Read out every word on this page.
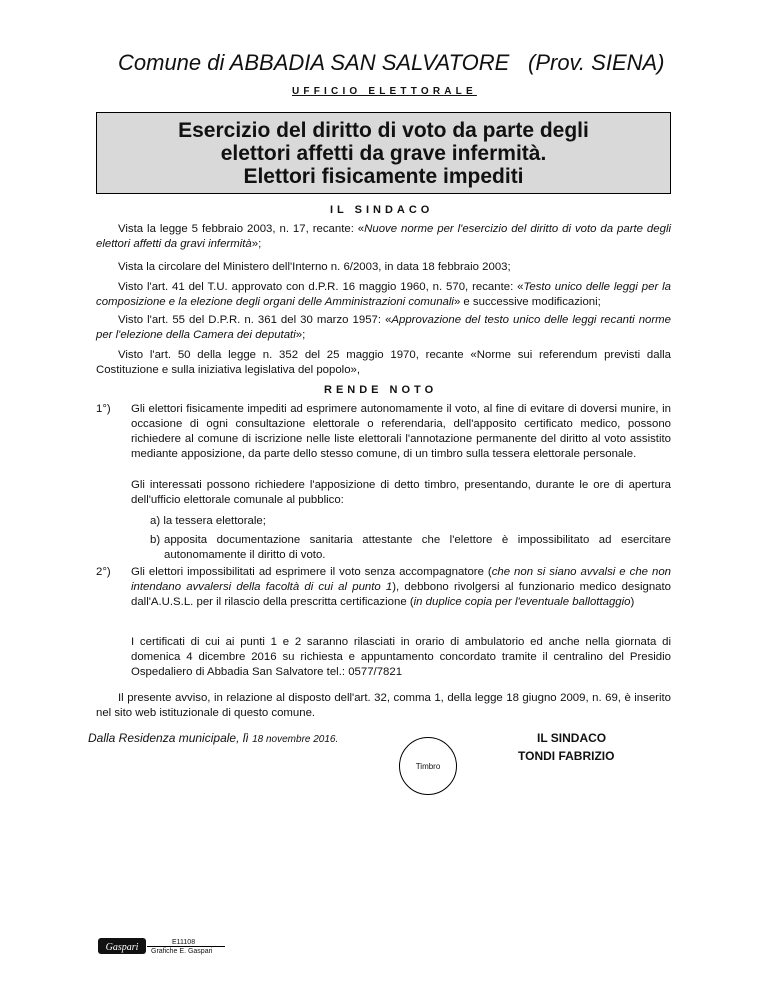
Comune di ABBADIA SAN SALVATORE (Prov. SIENA)
UFFICIO ELETTORALE
Esercizio del diritto di voto da parte degli
elettori affetti da grave infermità.
Elettori fisicamente impediti
IL SINDACO
Vista la legge 5 febbraio 2003, n. 17, recante: «Nuove norme per l'esercizio del diritto di voto da parte degli elettori affetti da gravi infermità»;
Vista la circolare del Ministero dell'Interno n. 6/2003, in data 18 febbraio 2003;
Visto l'art. 41 del T.U. approvato con d.P.R. 16 maggio 1960, n. 570, recante: «Testo unico delle leggi per la composizione e la elezione degli organi delle Amministrazioni comunali» e successive modificazioni;
Visto l'art. 55 del D.P.R. n. 361 del 30 marzo 1957: «Approvazione del testo unico delle leggi recanti norme per l'elezione della Camera dei deputati»;
Visto l'art. 50 della legge n. 352 del 25 maggio 1970, recante «Norme sui referendum previsti dalla Costituzione e sulla iniziativa legislativa del popolo»,
RENDE NOTO
1°)	Gli elettori fisicamente impediti ad esprimere autonomamente il voto, al fine di evitare di doversi munire, in occasione di ogni consultazione elettorale o referendaria, dell'apposito certificato medico, possono richiedere al comune di iscrizione nelle liste elettorali l'annotazione permanente del diritto al voto assistito mediante apposizione, da parte dello stesso comune, di un timbro sulla tessera elettorale personale.
Gli interessati possono richiedere l'apposizione di detto timbro, presentando, durante le ore di apertura dell'ufficio elettorale comunale al pubblico:
a) la tessera elettorale;
b) apposita documentazione sanitaria attestante che l'elettore è impossibilitato ad esercitare autonomamente il diritto di voto.
2°)	Gli elettori impossibilitati ad esprimere il voto senza accompagnatore (che non si siano avvalsi e che non intendano avvalersi della facoltà di cui al punto 1), debbono rivolgersi al funzionario medico designato dall'A.U.S.L. per il rilascio della prescritta certificazione (in duplice copia per l'eventuale ballottaggio)
I certificati di cui ai punti 1 e 2 saranno rilasciati in orario di ambulatorio ed anche nella giornata di domenica 4 dicembre 2016 su richiesta e appuntamento concordato tramite il centralino del Presidio Ospedaliero di Abbadia San Salvatore tel.: 0577/7821
Il presente avviso, in relazione al disposto dell'art. 32, comma 1, della legge 18 giugno 2009, n. 69, è inserito nel sito web istituzionale di questo comune.
Dalla Residenza municipale, lì 18 novembre 2016.	IL SINDACO
TONDI FABRIZIO
Timbro
Gaspari	E11108
Grafiche E. Gaspari
